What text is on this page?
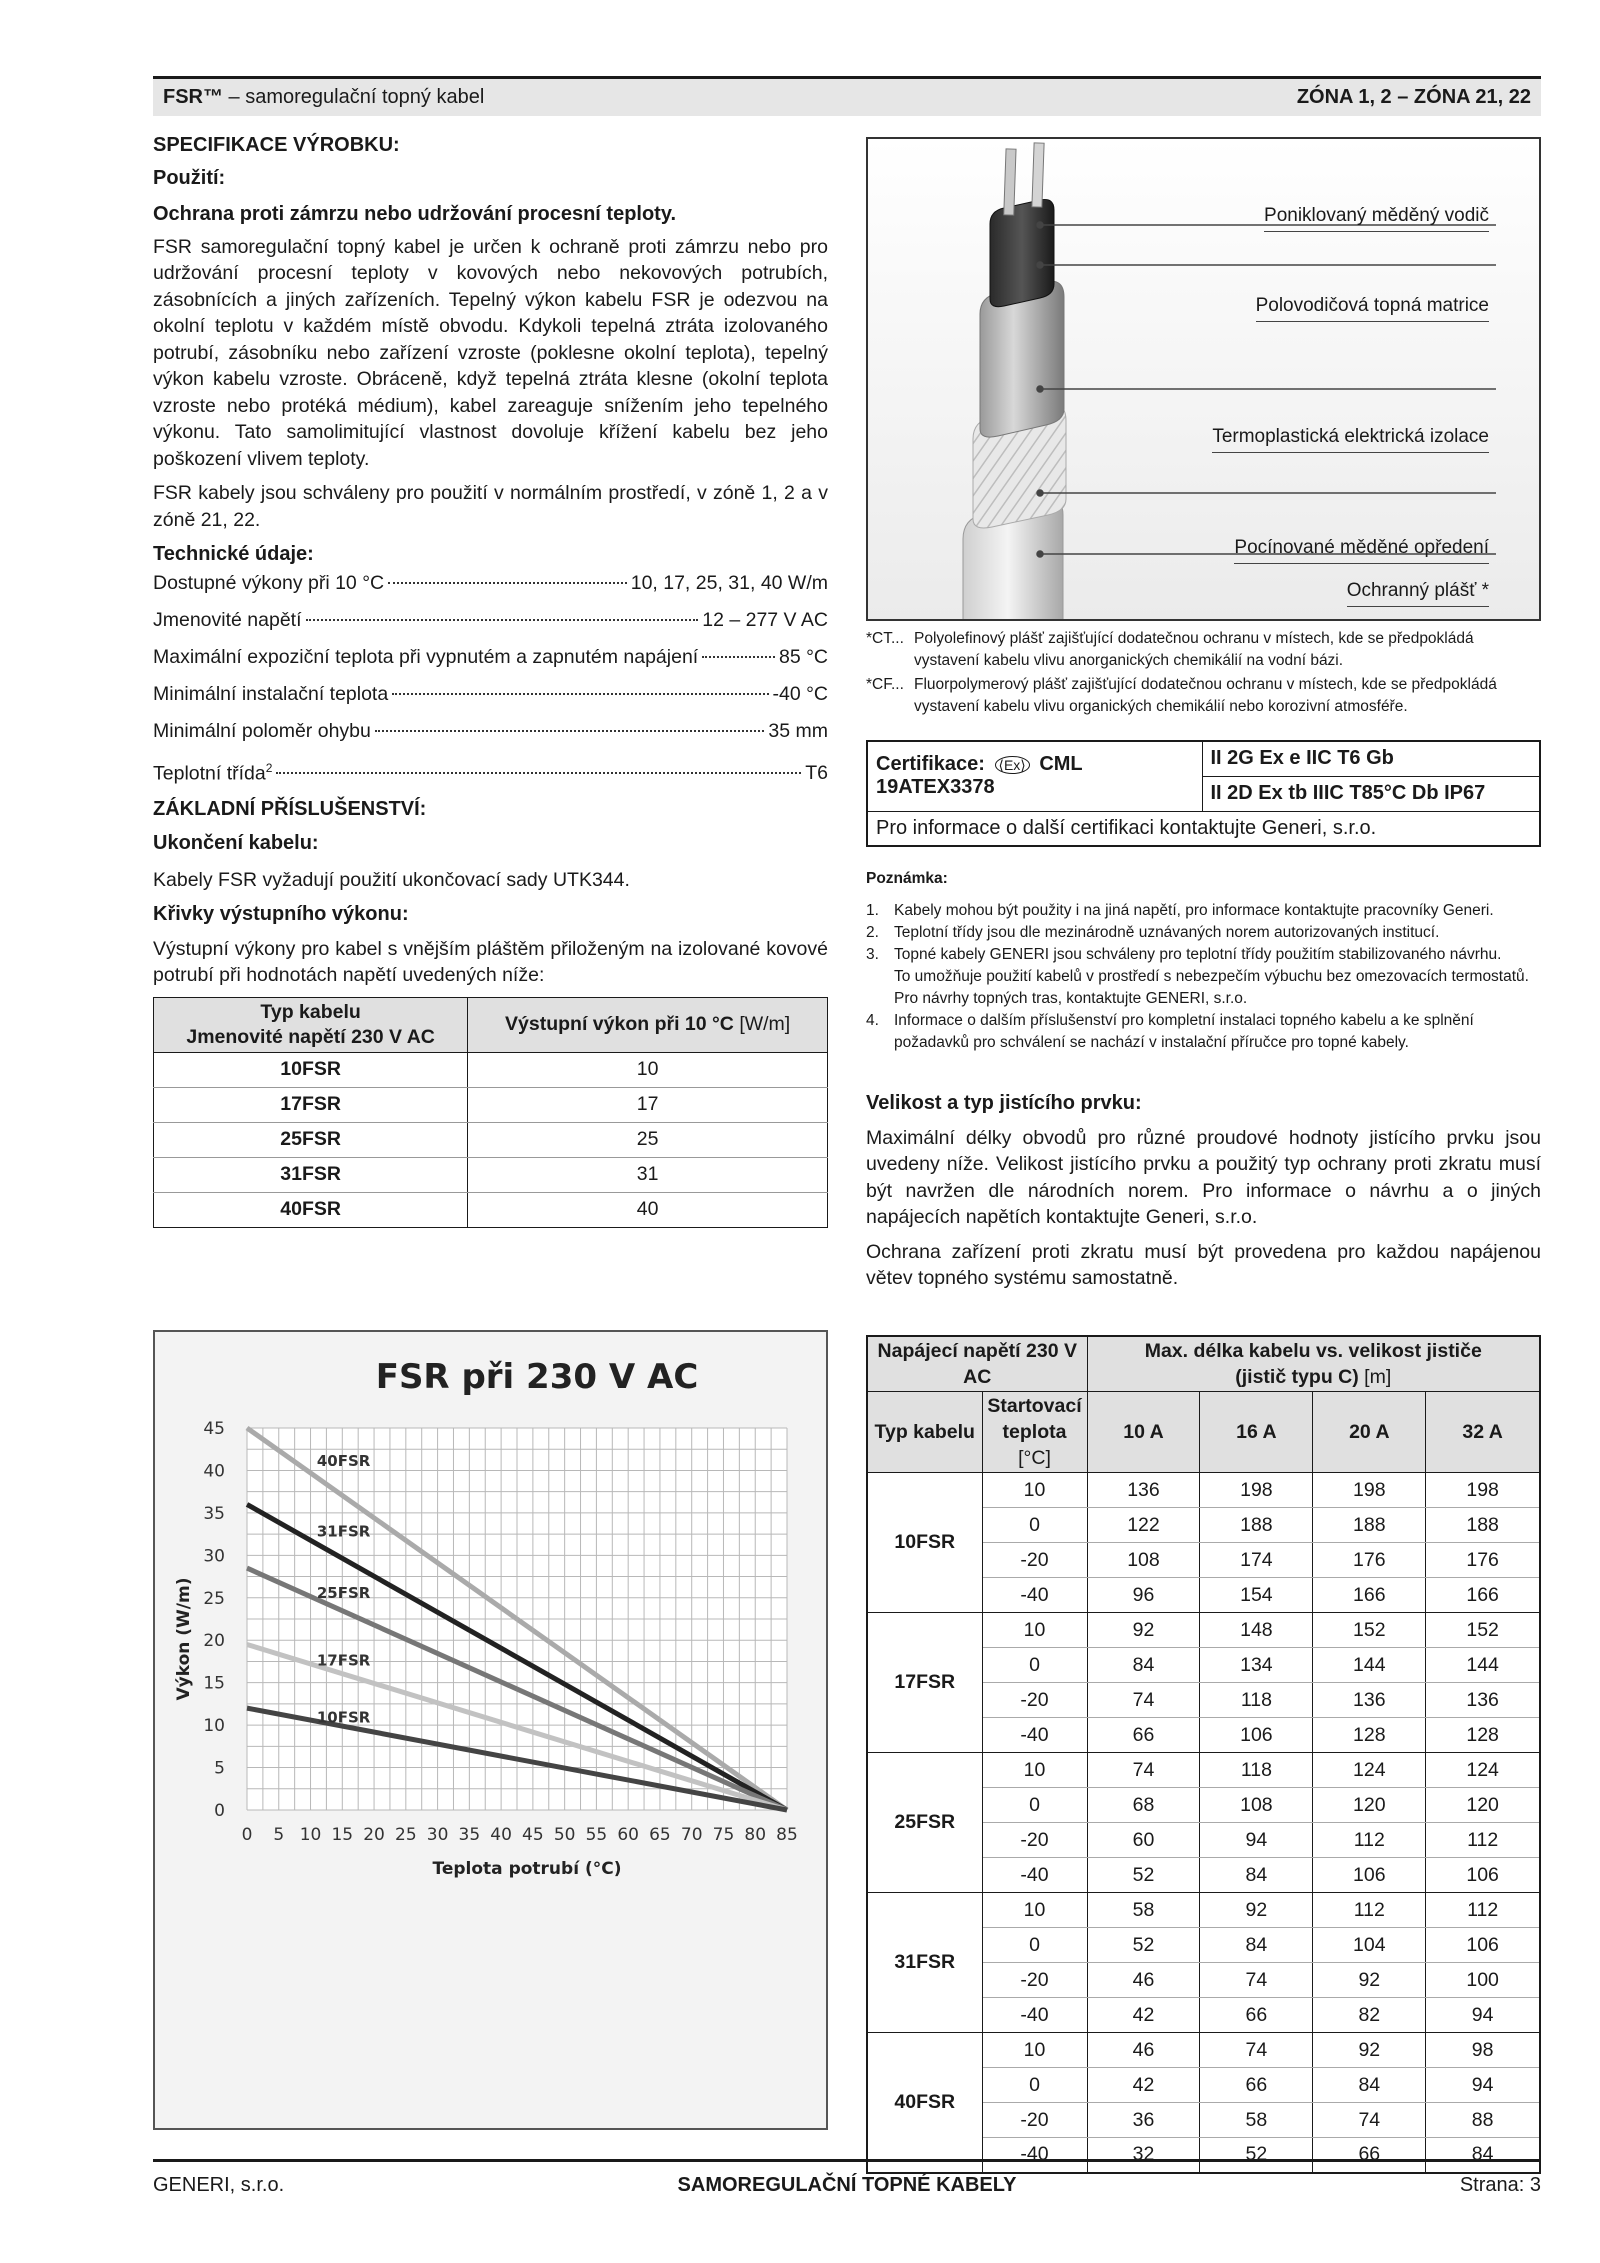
FSR™ – samoregulační topný kabel	ZÓNA 1, 2 – ZÓNA 21, 22
SPECIFIKACE VÝROBKU:
Použití:
Ochrana proti zámrzu nebo udržování procesní teploty.

FSR samoregulační topný kabel je určen k ochraně proti zámrzu nebo pro udržování procesní teploty v kovových nebo nekovových potrubích, zásobnících a jiných zařízeních. Tepelný výkon kabelu FSR je odezvou na okolní teplotu v každém místě obvodu. Kdykoli tepelná ztráta izolovaného potrubí, zásobníku nebo zařízení vzroste (poklesne okolní teplota), tepelný výkon kabelu vzroste. Obráceně, když tepelná ztráta klesne (okolní teplota vzroste nebo protéká médium), kabel zareaguje snížením jeho tepelného výkonu. Tato samolimitující vlastnost dovoluje křížení kabelu bez jeho poškození vlivem teploty.

FSR kabely jsou schváleny pro použití v normálním prostředí, v zóně 1, 2 a v zóně 21, 22.

Technické údaje:
Dostupné výkony při 10 °C	10, 17, 25, 31, 40 W/m
Jmenovité napětí	12 – 277 V AC
Maximální expoziční teplota při vypnutém a zapnutém napájení	85 °C
Minimální instalační teplota	-40 °C
Minimální poloměr ohybu	35 mm
Teplotní třída$^2$	T6
ZÁKLADNÍ PŘÍSLUŠENSTVÍ:
Ukončení kabelu:

Kabely FSR vyžadují použití ukončovací sady UTK344.

Křivky výstupního výkonu:

Výstupní výkony pro kabel s vnějším pláštěm přiloženým na izolované kovové potrubí při hodnotách napětí uvedených níže:

Typ kabelu
Jmenovité napětí 230 V AC	Výstupní výkon při 10 °C [W/m]
10FSR	10
17FSR	17
25FSR	25
31FSR	31
40FSR	40
40FSR
31FSR
25FSR
17FSR
10FSR
FSR při 230 V AC
0
5
10
15
20
25
30
35
40
45
0 5 10 15 20 25 30 35 40 45 50 55 60 65 70 75 80 85
Teplota potrubí (°C)
Výkon (W/m)
Poniklovaný měděný vodič
Polovodičová topná matrice
Termoplastická elektrická izolace
Pocínované měděné opředení
Ochranný plášť *
*CT... Polyolefinový plášť zajišťující dodatečnou ochranu v místech, kde se předpokládá vystavení kabelu vlivu anorganických chemikálií na vodní bázi.
*CF... Fluorpolymerový plášť zajišťující dodatečnou ochranu v místech, kde se předpokládá vystavení kabelu vlivu organických chemikálií nebo korozivní atmosféře.
Certifikace: ⟨Ex⟩ CML 19ATEX3378	II 2G Ex e IIC T6 Gb
II 2D Ex tb IIIC T85°C Db IP67
Pro informace o další certifikaci kontaktujte Generi, s.r.o.
Poznámka:
1. Kabely mohou být použity i na jiná napětí, pro informace kontaktujte pracovníky Generi.
2. Teplotní třídy jsou dle mezinárodně uznávaných norem autorizovaných institucí.
3. Topné kabely GENERI jsou schváleny pro teplotní třídy použitím stabilizovaného návrhu.
To umožňuje použití kabelů v prostředí s nebezpečím výbuchu bez omezovacích termostatů.
Pro návrhy topných tras, kontaktujte GENERI, s.r.o.
4. Informace o dalším příslušenství pro kompletní instalaci topného kabelu a ke splnění požadavků pro schválení se nachází v instalační příručce pro topné kabely.
Velikost a typ jistícího prvku:

Maximální délky obvodů pro různé proudové hodnoty jistícího prvku jsou uvedeny níže. Velikost jistícího prvku a použitý typ ochrany proti zkratu musí být navržen dle národních norem. Pro informace o návrhu a o jiných napájecích napětích kontaktujte Generi, s.r.o.

Ochrana zařízení proti zkratu musí být provedena pro každou napájenou větev topného systému samostatně.

Napájecí napětí 230 V AC		Max. délka kabelu vs. velikost jističe
(jistič typu C) [m]			

Typ kabelu	Startovací
teplota [°C]				

		10 A	16 A	20 A	32 A
10FSR	10	136	198	198	198
	0	122	188	188	188
	-20	108	174	176	176
	-40	96	154	166	166
17FSR	10	92	148	152	152
	0	84	134	144	144
	-20	74	118	136	136
	-40	66	106	128	128
25FSR	10	74	118	124	124
	0	68	108	120	120
	-20	60	94	112	112
	-40	52	84	106	106
31FSR	10	58	92	112	112
	0	52	84	104	106
	-20	46	74	92	100
	-40	42	66	82	94
40FSR	10	46	74	92	98
	0	42	66	84	94
	-20	36	58	74	88
	-40	32	52	66	84
GENERI, s.r.o.	SAMOREGULAČNÍ TOPNÉ KABELY	Strana: 3
